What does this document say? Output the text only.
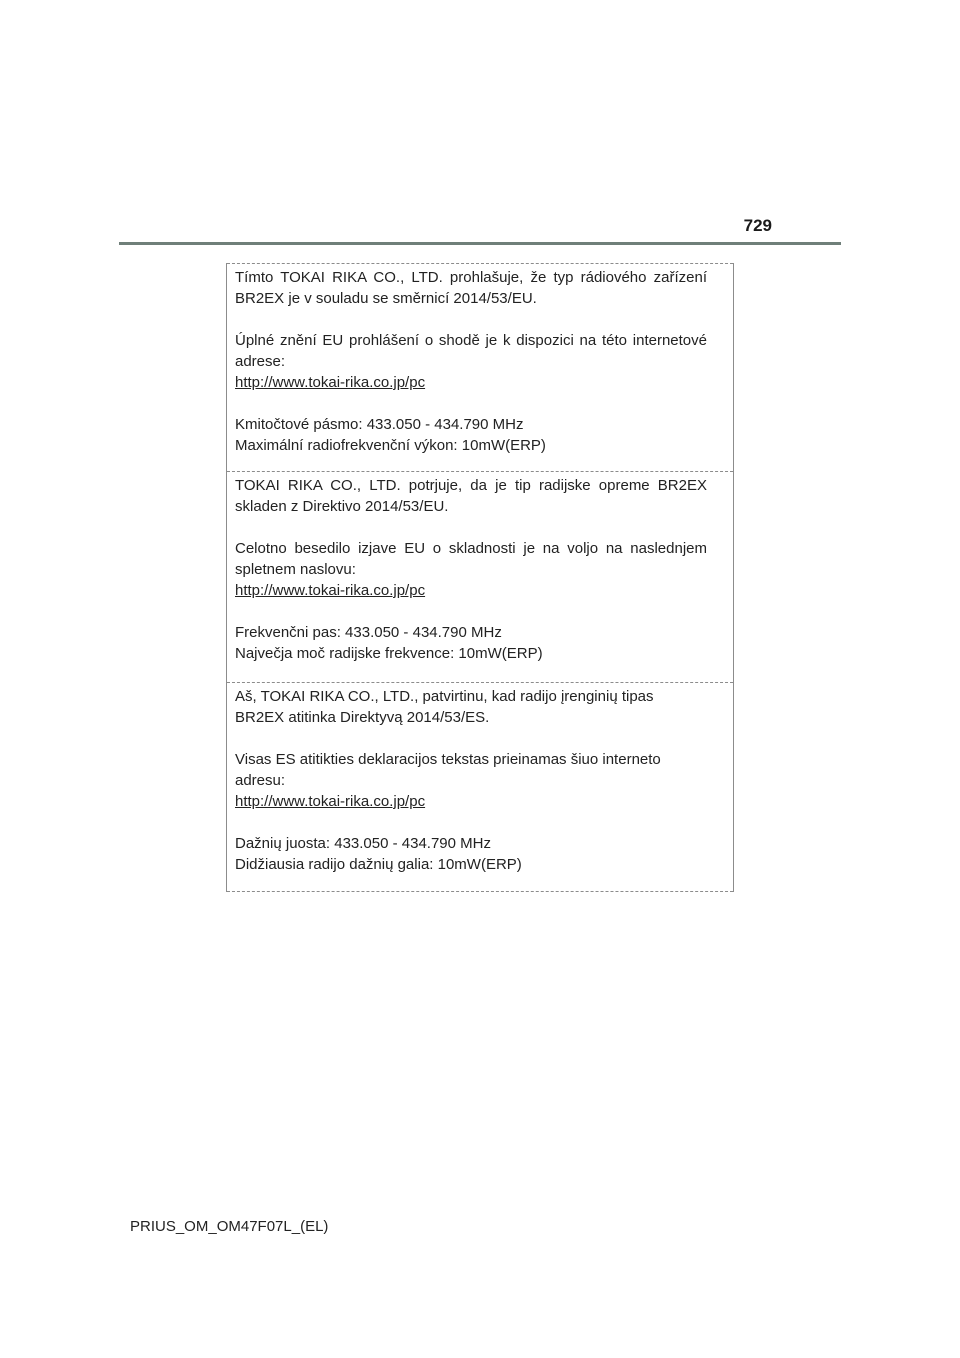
729

Tímto TOKAI RIKA CO., LTD. prohlašuje, že typ rádiového zařízení BR2EX je v souladu se směrnicí 2014/53/EU.

Úplné znění EU prohlášení o shodě je k dispozici na této internetové adrese:

http://www.tokai-rika.co.jp/pc

Kmitočtové pásmo: 433.050 - 434.790 MHz

Maximální radiofrekvenční výkon: 10mW(ERP)

TOKAI RIKA CO., LTD. potrjuje, da je tip radijske opreme BR2EX skladen z Direktivo 2014/53/EU.

Celotno besedilo izjave EU o skladnosti je na voljo na naslednjem spletnem naslovu:

http://www.tokai-rika.co.jp/pc

Frekvenčni pas: 433.050 - 434.790 MHz

Največja moč radijske frekvence: 10mW(ERP)

Aš, TOKAI RIKA CO., LTD., patvirtinu, kad radijo įrenginių tipas

BR2EX atitinka Direktyvą 2014/53/ES.

Visas ES atitikties deklaracijos tekstas prieinamas šiuo interneto

adresu:

http://www.tokai-rika.co.jp/pc

Dažnių juosta: 433.050 - 434.790 MHz

Didžiausia radijo dažnių galia: 10mW(ERP)

PRIUS_OM_OM47F07L_(EL)
